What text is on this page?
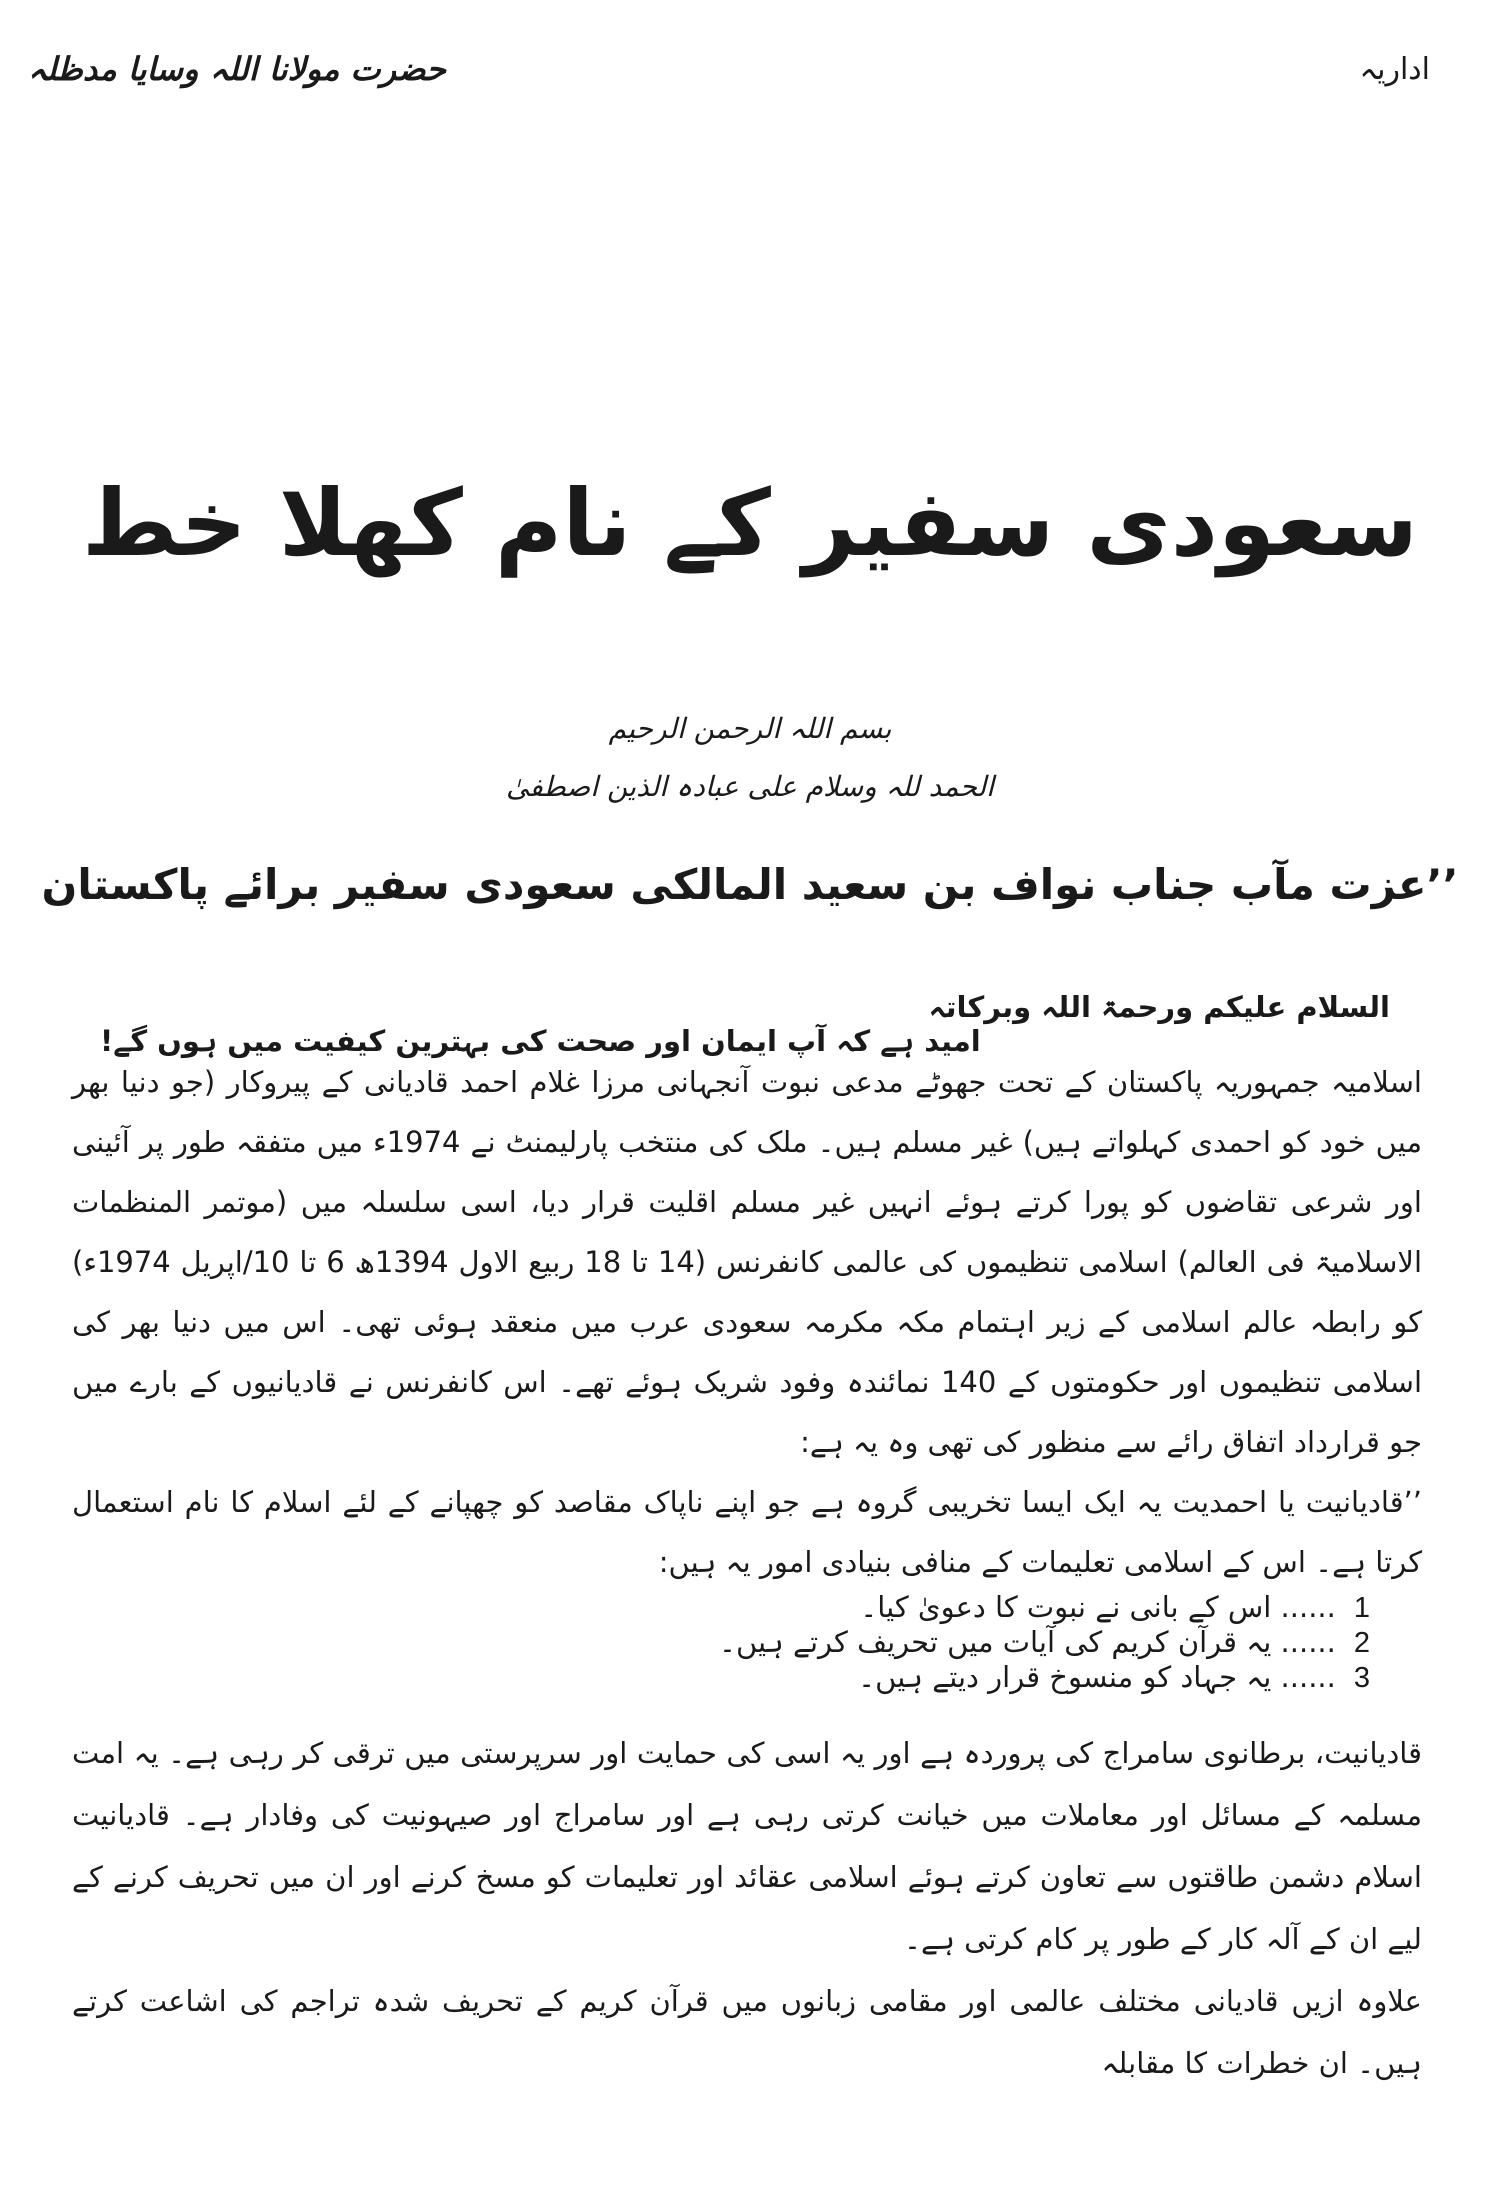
اداریہ
حضرت مولانا اللہ وسایا مدظلہ
سعودی سفیر کے نام کھلا خط
بسم اللہ الرحمن الرحیم
الحمد للہ وسلام علی عبادہ الذین اصطفیٰ
’’عزت مآب جناب نواف بن سعید المالکی سعودی سفیر برائے پاکستان
السلام علیکم ورحمۃ اللہ وبرکاتہ
امید ہے کہ آپ ایمان اور صحت کی بہترین کیفیت میں ہوں گے!

اسلامیہ جمہوریہ پاکستان کے تحت جھوٹے مدعی نبوت آنجہانی مرزا غلام احمد قادیانی کے پیروکار (جو دنیا بھر میں خود کو احمدی کہلواتے ہیں) غیر مسلم ہیں۔ ملک کی منتخب پارلیمنٹ نے 1974ء میں متفقہ طور پر آئینی اور شرعی تقاضوں کو پورا کرتے ہوئے انہیں غیر مسلم اقلیت قرار دیا، اسی سلسلہ میں (موتمر المنظمات الاسلامیۃ فی العالم) اسلامی تنظیموں کی عالمی کانفرنس (14 تا 18 ربیع الاول 1394ھ 6 تا 10/اپریل 1974ء) کو رابطہ عالم اسلامی کے زیر اہتمام مکہ مکرمہ سعودی عرب میں منعقد ہوئی تھی۔ اس میں دنیا بھر کی اسلامی تنظیموں اور حکومتوں کے 140 نمائندہ وفود شریک ہوئے تھے۔ اس کانفرنس نے قادیانیوں کے بارے میں جو قرارداد اتفاق رائے سے منظور کی تھی وہ یہ ہے:

’’قادیانیت یا احمدیت یہ ایک ایسا تخریبی گروہ ہے جو اپنے ناپاک مقاصد کو چھپانے کے لئے اسلام کا نام استعمال کرتا ہے۔ اس کے اسلامی تعلیمات کے منافی بنیادی امور یہ ہیں:

1...... اس کے بانی نے نبوت کا دعویٰ کیا۔ 2...... یہ قرآن کریم کی آیات میں تحریف کرتے ہیں۔
3...... یہ جہاد کو منسوخ قرار دیتے ہیں۔

قادیانیت، برطانوی سامراج کی پروردہ ہے اور یہ اسی کی حمایت اور سرپرستی میں ترقی کر رہی ہے۔ یہ امت مسلمہ کے مسائل اور معاملات میں خیانت کرتی رہی ہے اور سامراج اور صیہونیت کی وفادار ہے۔ قادیانیت اسلام دشمن طاقتوں سے تعاون کرتے ہوئے اسلامی عقائد اور تعلیمات کو مسخ کرنے اور ان میں تحریف کرنے کے لیے ان کے آلہ کار کے طور پر کام کرتی ہے۔

علاوہ ازیں قادیانی مختلف عالمی اور مقامی زبانوں میں قرآن کریم کے تحریف شدہ تراجم کی اشاعت کرتے ہیں۔ ان خطرات کا مقابلہ
